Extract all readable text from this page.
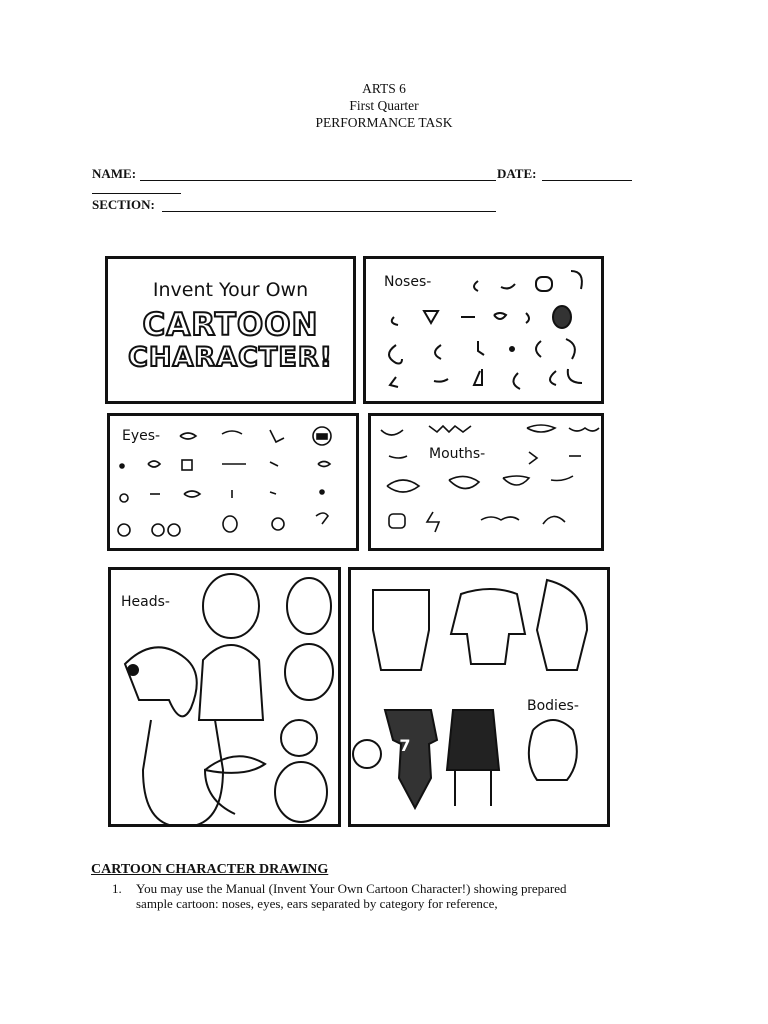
ARTS 6
First Quarter
PERFORMANCE TASK
NAME:	DATE:
SECTION:
Invent Your Own
CARTOON
CHARACTER!
Noses-
Eyes-
Mouths-
Heads-
Bodies-
7
CARTOON CHARACTER DRAWING
1. You may use the Manual (Invent Your Own Cartoon Character!) showing prepared
sample cartoon: noses, eyes, ears separated by category for reference,
